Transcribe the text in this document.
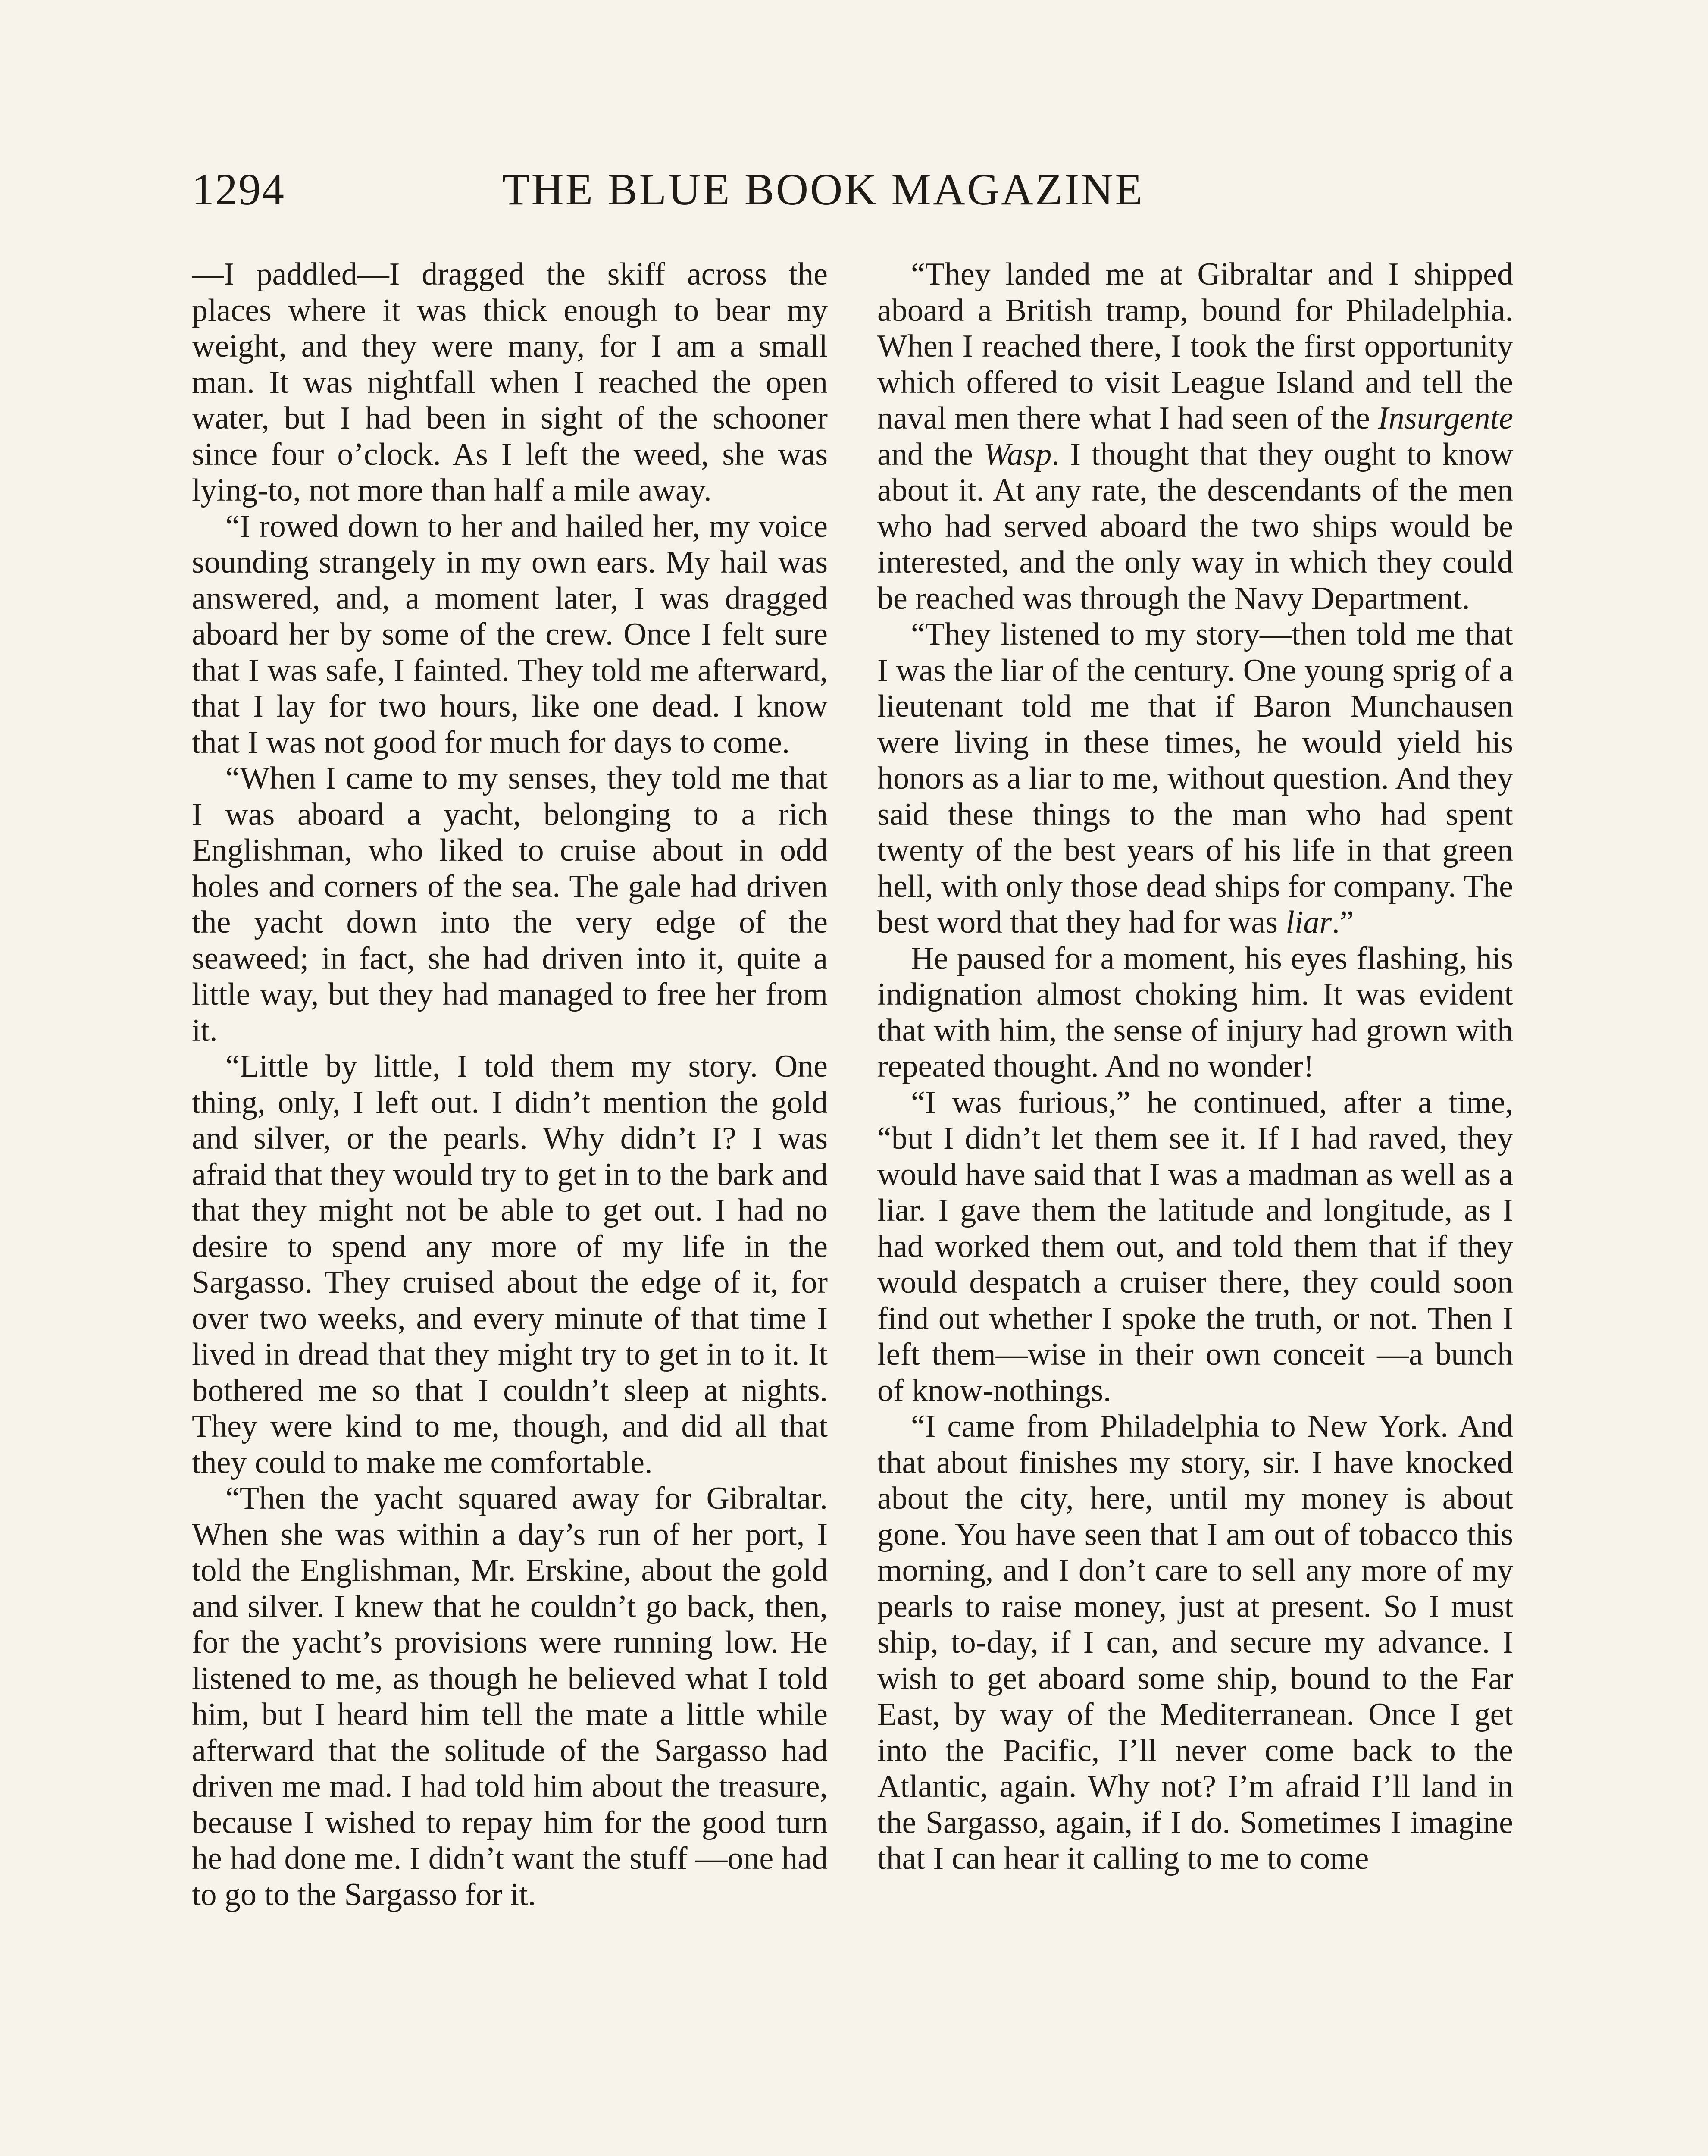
1294	THE BLUE BOOK MAGAZINE

—I paddled—I dragged the skiff across the places where it was thick enough to bear my weight, and they were many, for I am a small man. It was nightfall when I reached the open water, but I had been in sight of the schooner since four o’clock. As I left the weed, she was lying-to, not more than half a mile away.

“I rowed down to her and hailed her, my voice sounding strangely in my own ears. My hail was answered, and, a moment later, I was dragged aboard her by some of the crew. Once I felt sure that I was safe, I fainted. They told me afterward, that I lay for two hours, like one dead. I know that I was not good for much for days to come.

“When I came to my senses, they told me that I was aboard a yacht, belonging to a rich Englishman, who liked to cruise about in odd holes and corners of the sea. The gale had driven the yacht down into the very edge of the seaweed; in fact, she had driven into it, quite a little way, but they had managed to free her from it.

“Little by little, I told them my story. One thing, only, I left out. I didn’t mention the gold and silver, or the pearls. Why didn’t I? I was afraid that they would try to get in to the bark and that they might not be able to get out. I had no desire to spend any more of my life in the Sargasso. They cruised about the edge of it, for over two weeks, and every minute of that time I lived in dread that they might try to get in to it. It bothered me so that I couldn’t sleep at nights. They were kind to me, though, and did all that they could to make me comfortable.

“Then the yacht squared away for Gibraltar. When she was within a day’s run of her port, I told the Englishman, Mr. Erskine, about the gold and silver. I knew that he couldn’t go back, then, for the yacht’s provisions were running low. He listened to me, as though he believed what I told him, but I heard him tell the mate a little while afterward that the solitude of the Sargasso had driven me mad. I had told him about the treasure, because I wished to repay him for the good turn he had done me. I didn’t want the stuff —one had to go to the Sargasso for it.

“They landed me at Gibraltar and I shipped aboard a British tramp, bound for Philadelphia. When I reached there, I took the first opportunity which offered to visit League Island and tell the naval men there what I had seen of the Insurgente and the Wasp. I thought that they ought to know about it. At any rate, the descendants of the men who had served aboard the two ships would be interested, and the only way in which they could be reached was through the Navy Department.

“They listened to my story—then told me that I was the liar of the century. One young sprig of a lieutenant told me that if Baron Munchausen were living in these times, he would yield his honors as a liar to me, without question. And they said these things to the man who had spent twenty of the best years of his life in that green hell, with only those dead ships for company. The best word that they had for was liar.”

He paused for a moment, his eyes flashing, his indignation almost choking him. It was evident that with him, the sense of injury had grown with repeated thought. And no wonder!

“I was furious,” he continued, after a time, “but I didn’t let them see it. If I had raved, they would have said that I was a madman as well as a liar. I gave them the latitude and longitude, as I had worked them out, and told them that if they would despatch a cruiser there, they could soon find out whether I spoke the truth, or not. Then I left them—wise in their own conceit —a bunch of know-nothings.

“I came from Philadelphia to New York. And that about finishes my story, sir. I have knocked about the city, here, until my money is about gone. You have seen that I am out of tobacco this morning, and I don’t care to sell any more of my pearls to raise money, just at present. So I must ship, to-day, if I can, and secure my advance. I wish to get aboard some ship, bound to the Far East, by way of the Mediterranean. Once I get into the Pacific, I’ll never come back to the Atlantic, again. Why not? I’m afraid I’ll land in the Sargasso, again, if I do. Sometimes I imagine that I can hear it calling to me to come
